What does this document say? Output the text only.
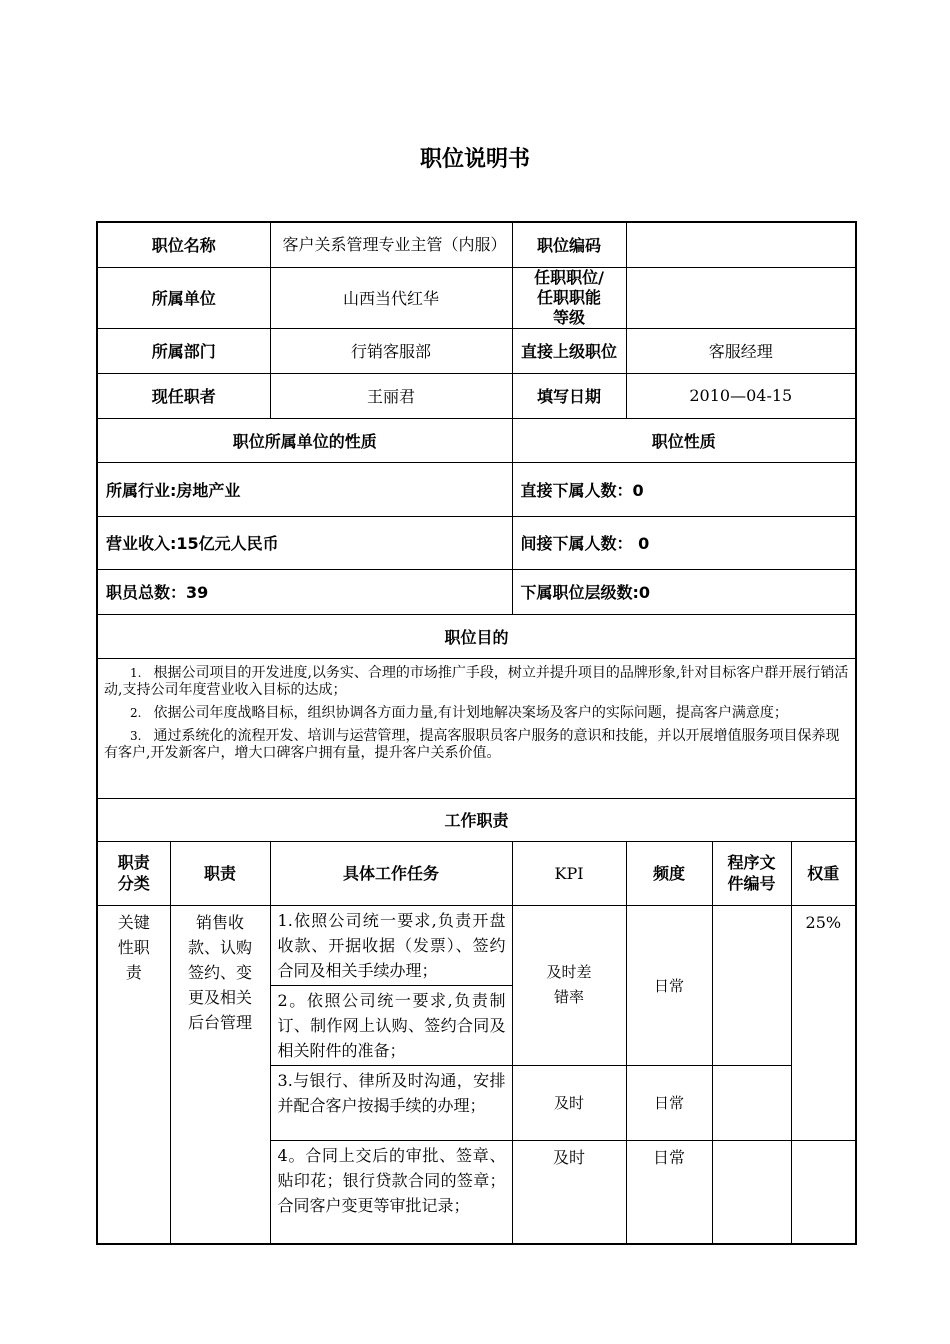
职位说明书
职位名称		客户关系管理专业主管（内服）	职位编码			
所属单位		山西当代红华	任职职位/任职职能等级			
所属部门		行销客服部	直接上级职位	客服经理		
现任职者		王丽君	填写日期	2010—04-15		
职位所属单位的性质			职位性质			
所属行业:房地产业			直接下属人数：0			
营业收入:15亿元人民币			间接下属人数： 0			
职员总数：39			下属职位层级数:0			
职位目的						

1. 根据公司项目的开发进度,以务实、合理的市场推广手段，树立并提升项目的品牌形象,针对目标客户群开展行销活动,支持公司年度营业收入目标的达成；

2. 依据公司年度战略目标，组织协调各方面力量,有计划地解决案场及客户的实际问题，提高客户满意度；

3. 通过系统化的流程开发、培训与运营管理，提高客服职员客户服务的意识和技能，并以开展增值服务项目保养现有客户,开发新客户，增大口碑客户拥有量，提升客户关系价值。						

工作职责						
职责分类	职责	具体工作任务	KPI	频度	程序文件编号	权重
关键性职责	销售收款、认购签约、变更及相关后台管理	1.依照公司统一要求,负责开盘收款、开据收据（发票）、签约合同及相关手续办理；	及时差错率	日常		25%
		2。依照公司统一要求,负责制订、制作网上认购、签约合同及相关附件的准备；				
		3.与银行、律所及时沟通，安排并配合客户按揭手续的办理；	及时	日常		
		4。合同上交后的审批、签章、贴印花；银行贷款合同的签章；合同客户变更等审批记录；	及时	日常		
